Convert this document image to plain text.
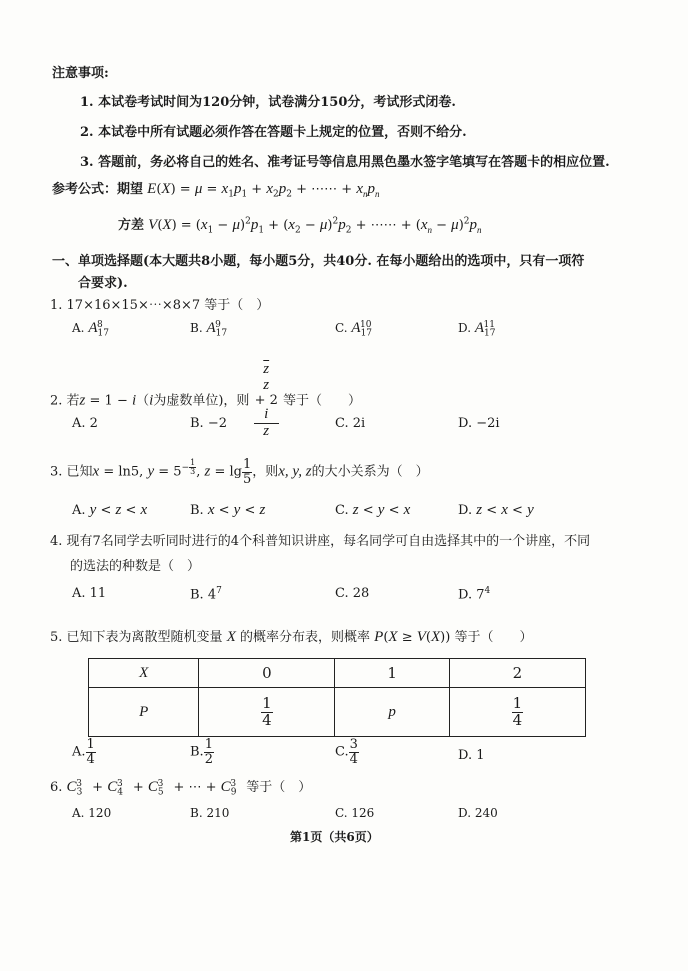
注意事项:
1. 本试卷考试时间为120分钟，试卷满分150分，考试形式闭卷.
2. 本试卷中所有试题必须作答在答题卡上规定的位置，否则不给分.
3. 答题前，务必将自己的姓名、准考证号等信息用黑色墨水签字笔填写在答题卡的相应位置.
参考公式：期望 $E(X) = \mu = x_1p_1 + x_2p_2$ + ⋯⋯ + $x_np_n$
方差 $V(X) = (x_1 - \mu)^2p_1 + (x_2 - \mu)^2p_2$ + ⋯⋯ + $(x_n - \mu)^2p_n$
一、单项选择题(本大题共8小题，每小题5分，共40分. 在每小题给出的选项中，只有一项符
合要求).
1. 17×16×15×⋯×8×7 等于（　）
A. $A_{17}^8$	B. $A_{17}^9$	C. $A_{17}^{10}$	D. $A_{17}^{11}$
2. 若z = 1 − i（i为虚数单位)，则 $\overline{z}$
z
+ 2
i
z 等于（　　）
A. 2	B. −2	C. 2i	D. −2i
3. 已知x = ln5, $y = 5^{- \frac{1}{3}}$ , $z = \lg \frac{1}{5}$ ，则x, y, z的大小关系为（　）
A. y < z < x	B. x < y < z	C. z < y < x	D. z < x < y
4. 现有7名同学去听同时进行的4个科普知识讲座，每名同学可自由选择其中的一个讲座，不同
的选法的种数是（　）
A. 11	B. $4^7$	C. 28	D. $7^4$
5. 已知下表为离散型随机变量 X 的概率分布表，则概率 P(X ≥ V(X)) 等于（　　）
X	0	1	2
P	$\frac{1}{4}$	p	$\frac{1}{4}$
A. $\frac{1}{4}$	B. $\frac{1}{2}$	C. $\frac{3}{4}$	D. 1
6. $C_3^3 + C_4^3 + C_5^3$ + ⋯ + $C_9^3$ 等于（　）
A. 120	B. 210	C. 126	D. 240
第1页（共6页）
